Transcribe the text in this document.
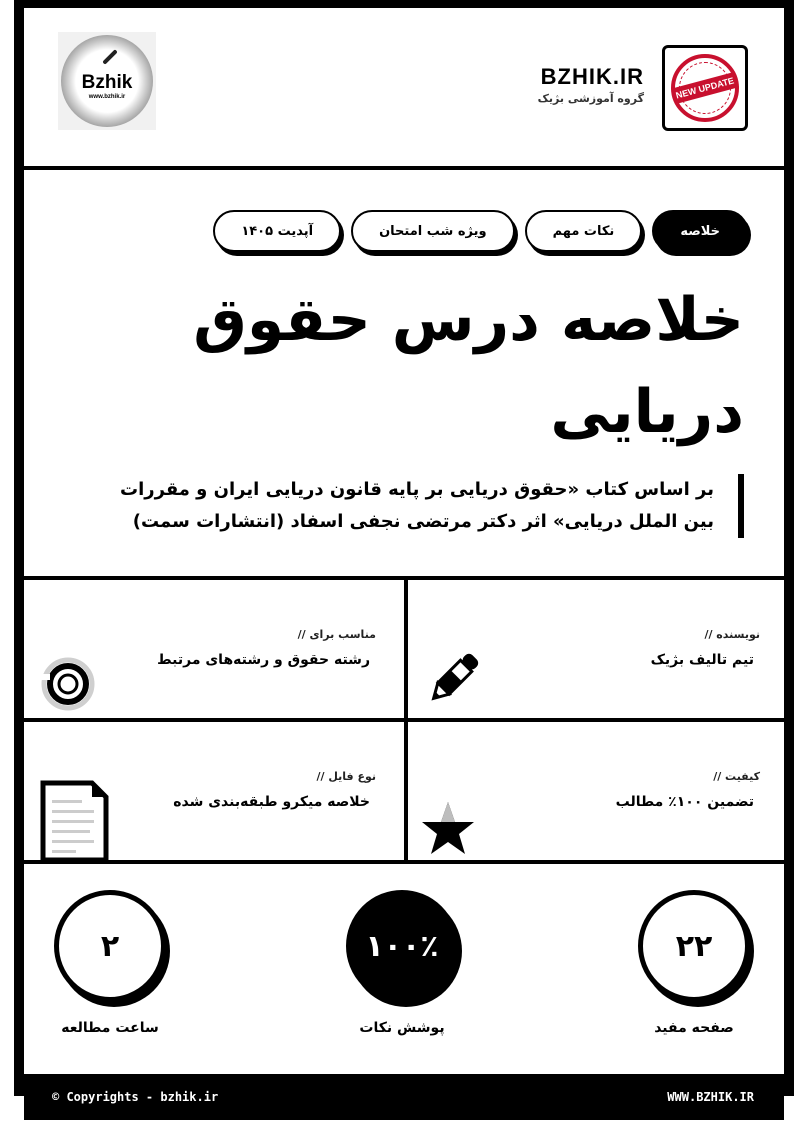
Bzhik
www.bzhik.ir
BZHIK.IR
گروه آموزشی بژیک	NEW UPDATE
خلاصه
نکات مهم
ویژه شب امتحان
آپدیت ۱۴۰۵
خلاصه درس حقوق دریایی
بر اساس کتاب «حقوق دریایی بر پایه قانون دریایی ایران و مقررات بین الملل دریایی» اثر دکتر مرتضی نجفی اسفاد (انتشارات سمت)
نویسنده //
تیم تالیف بژیک
مناسب برای //
رشته حقوق و رشته‌های مرتبط
کیفیت //
تضمین ۱۰۰٪ مطالب
نوع فایل //
خلاصه میکرو طبقه‌بندی شده
۲۲
صفحه مفید
۱۰۰٪
پوشش نکات
۲
ساعت مطالعه
© Copyrights - bzhik.ir	WWW.BZHIK.IR
